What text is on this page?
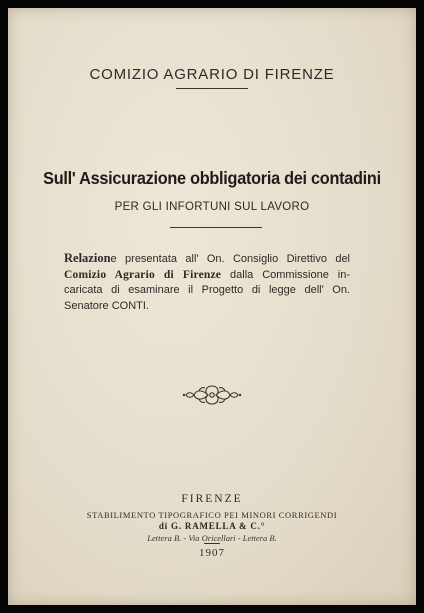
COMIZIO AGRARIO DI FIRENZE
Sull' Assicurazione obbligatoria dei contadini
PER GLI INFORTUNI SUL LAVORO
Relazione presentata all' On. Consiglio Direttivo del
Comizio Agrario di Firenze dalla Commissione in-
caricata di esaminare il Progetto di legge dell' On.
Senatore CONTI.
FIRENZE
STABILIMENTO TIPOGRAFICO PEI MINORI CORRIGENDI
di G. RAMELLA & C.°
Lettera B. - Via Oricellari - Lettera B.
1907
